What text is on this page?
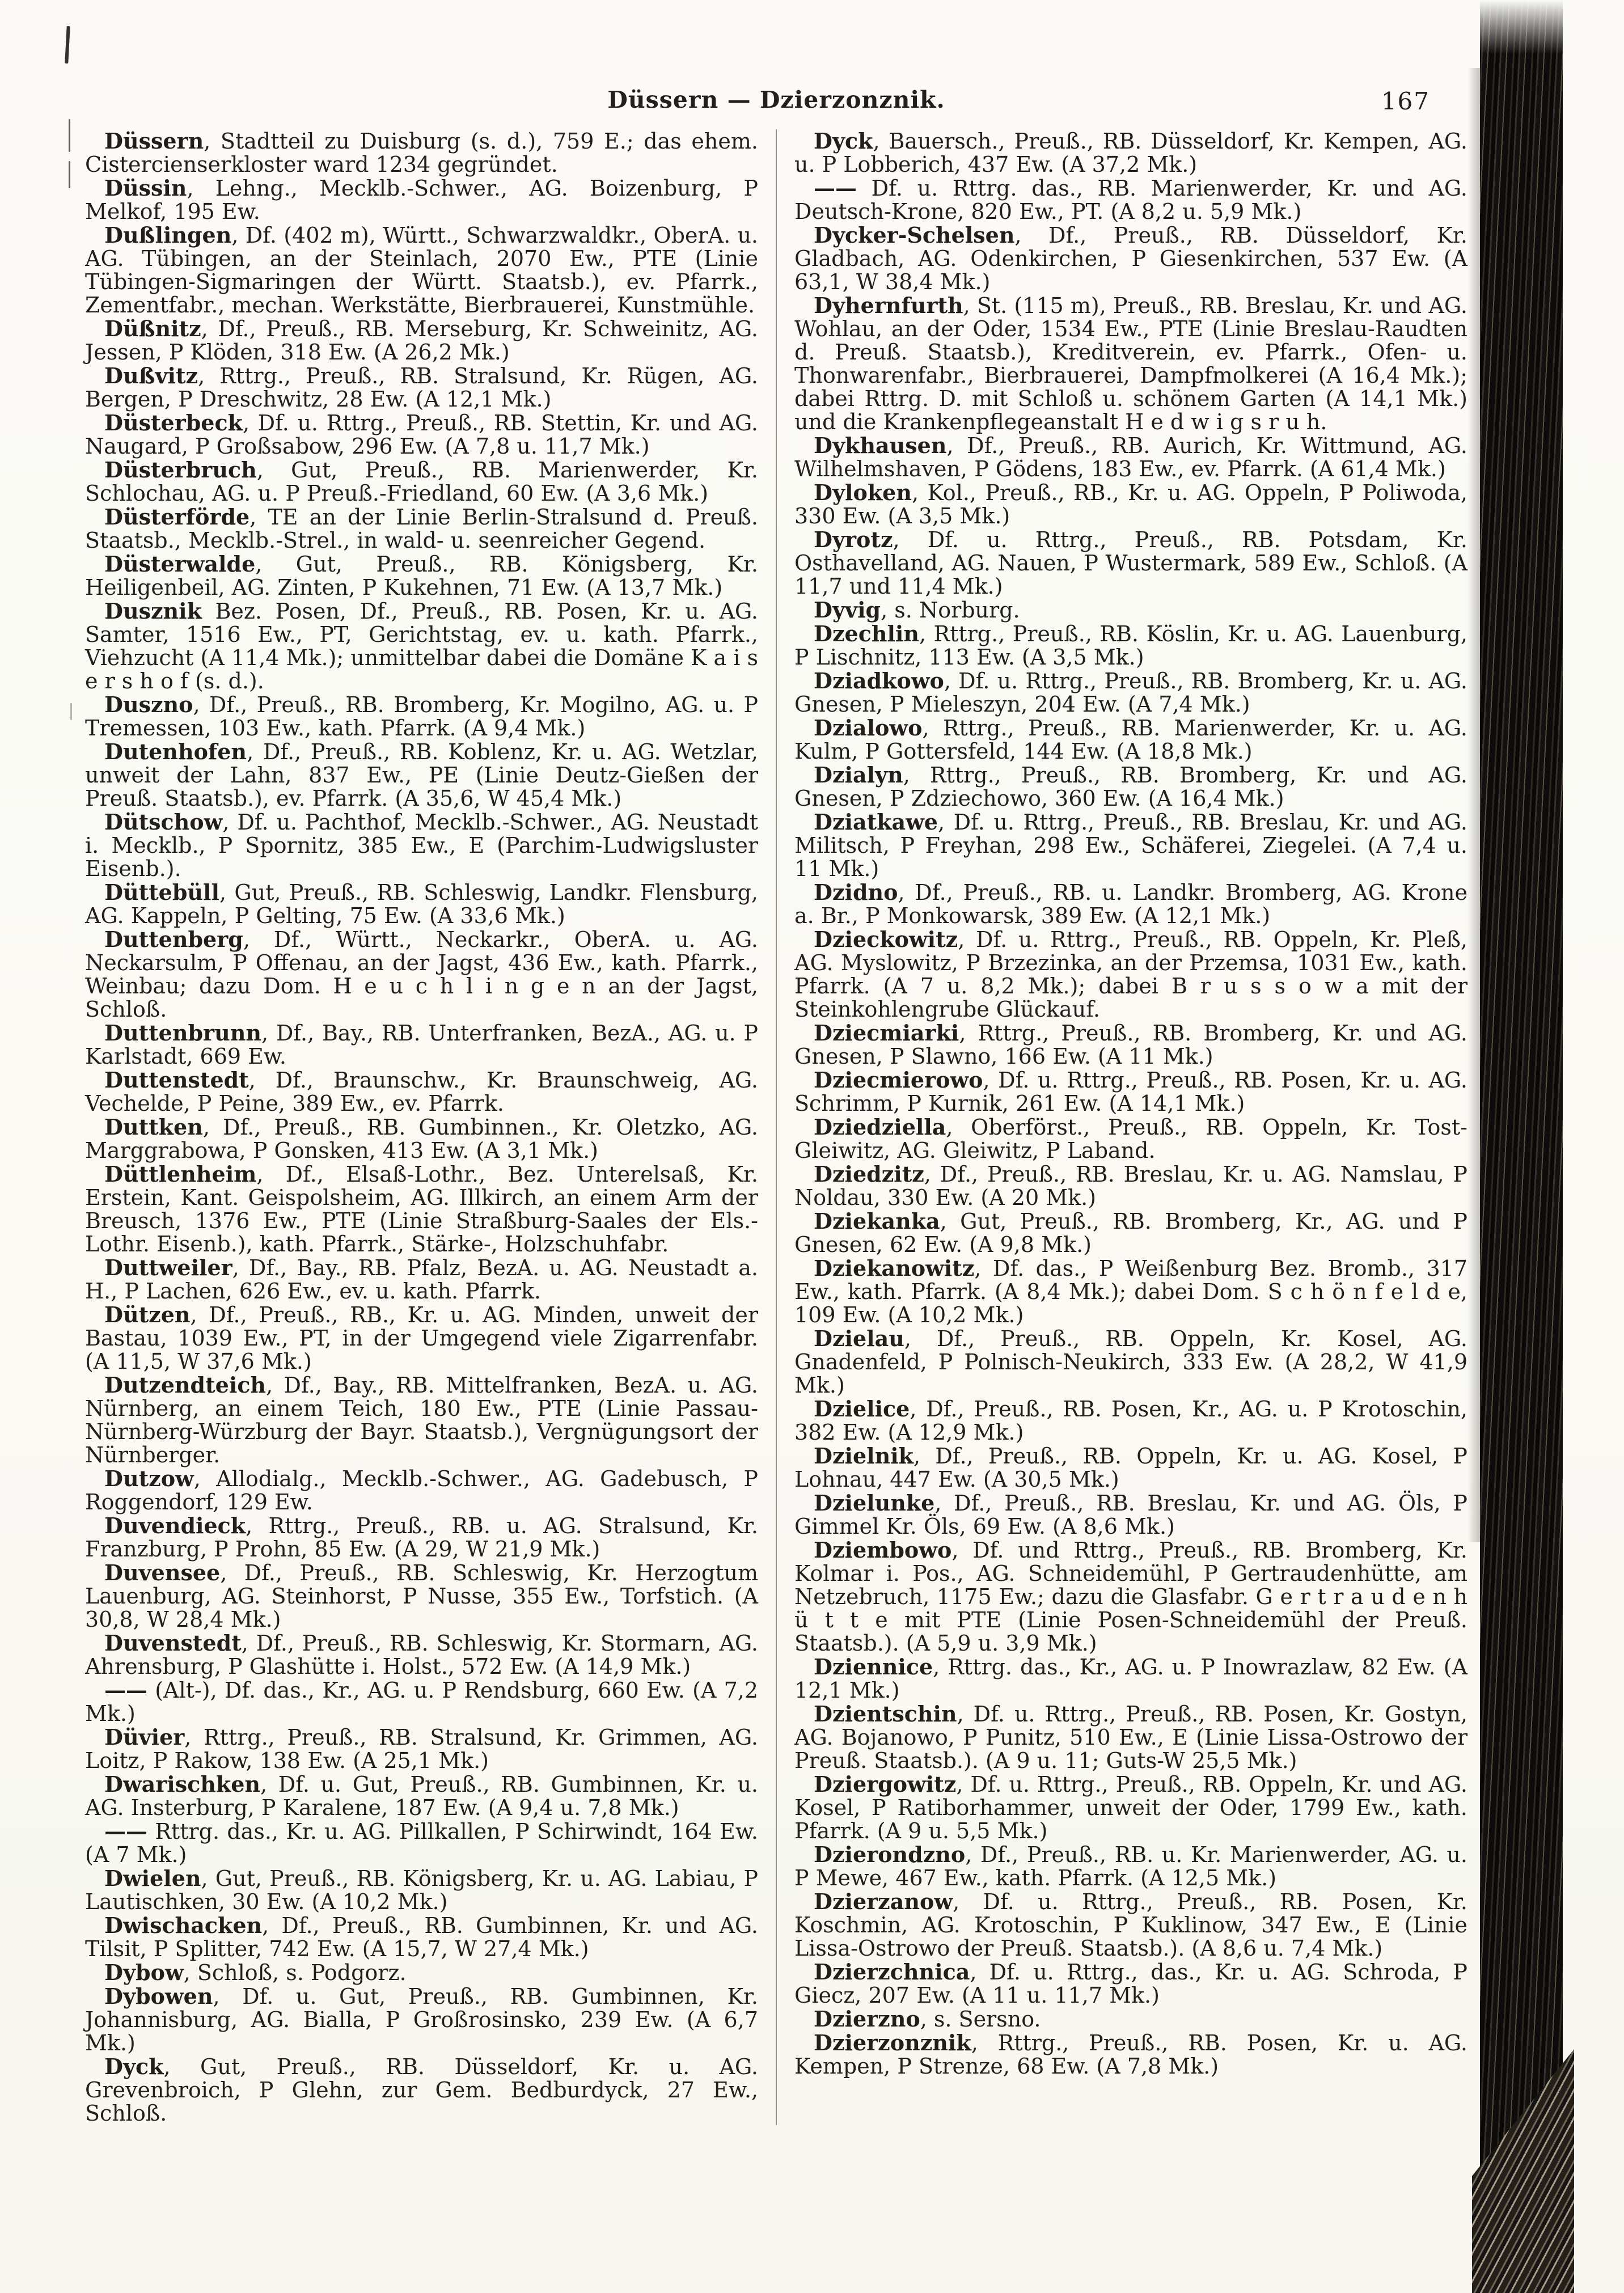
Düssern — Dzierzonznik.	167

Düssern, Stadtteil zu Duisburg (s. d.), 759 E.; das ehem. Cistercienserkloster ward 1234 gegründet.

Düssin, Lehng., Mecklb.-Schwer., AG. Boizenburg, P Melkof, 195 Ew.

Dußlingen, Df. (402 m), Württ., Schwarzwaldkr., OberA. u. AG. Tübingen, an der Steinlach, 2070 Ew., PTE (Linie Tübingen-Sigmaringen der Württ. Staatsb.), ev. Pfarrk., Zementfabr., mechan. Werkstätte, Bierbrauerei, Kunstmühle.

Düßnitz, Df., Preuß., RB. Merseburg, Kr. Schweinitz, AG. Jessen, P Klöden, 318 Ew. (A 26,2 Mk.)

Dußvitz, Rttrg., Preuß., RB. Stralsund, Kr. Rügen, AG. Bergen, P Dreschwitz, 28 Ew. (A 12,1 Mk.)

Düsterbeck, Df. u. Rttrg., Preuß., RB. Stettin, Kr. und AG. Naugard, P Großsabow, 296 Ew. (A 7,8 u. 11,7 Mk.)

Düsterbruch, Gut, Preuß., RB. Marienwerder, Kr. Schlochau, AG. u. P Preuß.-Friedland, 60 Ew. (A 3,6 Mk.)

Düsterförde, TE an der Linie Berlin-Stralsund d. Preuß. Staatsb., Mecklb.-Strel., in wald- u. seenreicher Gegend.

Düsterwalde, Gut, Preuß., RB. Königsberg, Kr. Heiligenbeil, AG. Zinten, P Kukehnen, 71 Ew. (A 13,7 Mk.)

Dusznik Bez. Posen, Df., Preuß., RB. Posen, Kr. u. AG. Samter, 1516 Ew., PT, Gerichtstag, ev. u. kath. Pfarrk., Viehzucht (A 11,4 Mk.); unmittelbar dabei die Domäne K a i s e r s h o f (s. d.).

Duszno, Df., Preuß., RB. Bromberg, Kr. Mogilno, AG. u. P Tremessen, 103 Ew., kath. Pfarrk. (A 9,4 Mk.)

Dutenhofen, Df., Preuß., RB. Koblenz, Kr. u. AG. Wetzlar, unweit der Lahn, 837 Ew., PE (Linie Deutz-Gießen der Preuß. Staatsb.), ev. Pfarrk. (A 35,6, W 45,4 Mk.)

Dütschow, Df. u. Pachthof, Mecklb.-Schwer., AG. Neustadt i. Mecklb., P Spornitz, 385 Ew., E (Parchim-Ludwigsluster Eisenb.).

Düttebüll, Gut, Preuß., RB. Schleswig, Landkr. Flensburg, AG. Kappeln, P Gelting, 75 Ew. (A 33,6 Mk.)

Duttenberg, Df., Württ., Neckarkr., OberA. u. AG. Neckarsulm, P Offenau, an der Jagst, 436 Ew., kath. Pfarrk., Weinbau; dazu Dom. H e u c h l i n g e n an der Jagst, Schloß.

Duttenbrunn, Df., Bay., RB. Unterfranken, BezA., AG. u. P Karlstadt, 669 Ew.

Duttenstedt, Df., Braunschw., Kr. Braunschweig, AG. Vechelde, P Peine, 389 Ew., ev. Pfarrk.

Duttken, Df., Preuß., RB. Gumbinnen., Kr. Oletzko, AG. Marggrabowa, P Gonsken, 413 Ew. (A 3,1 Mk.)

Düttlenheim, Df., Elsaß-Lothr., Bez. Unterelsaß, Kr. Erstein, Kant. Geispolsheim, AG. Illkirch, an einem Arm der Breusch, 1376 Ew., PTE (Linie Straßburg-Saales der Els.-Lothr. Eisenb.), kath. Pfarrk., Stärke-, Holzschuhfabr.

Duttweiler, Df., Bay., RB. Pfalz, BezA. u. AG. Neustadt a. H., P Lachen, 626 Ew., ev. u. kath. Pfarrk.

Dützen, Df., Preuß., RB., Kr. u. AG. Minden, unweit der Bastau, 1039 Ew., PT, in der Umgegend viele Zigarrenfabr. (A 11,5, W 37,6 Mk.)

Dutzendteich, Df., Bay., RB. Mittelfranken, BezA. u. AG. Nürnberg, an einem Teich, 180 Ew., PTE (Linie Passau-Nürnberg-Würzburg der Bayr. Staatsb.), Vergnügungsort der Nürnberger.

Dutzow, Allodialg., Mecklb.-Schwer., AG. Gadebusch, P Roggendorf, 129 Ew.

Duvendieck, Rttrg., Preuß., RB. u. AG. Stralsund, Kr. Franzburg, P Prohn, 85 Ew. (A 29, W 21,9 Mk.)

Duvensee, Df., Preuß., RB. Schleswig, Kr. Herzogtum Lauenburg, AG. Steinhorst, P Nusse, 355 Ew., Torfstich. (A 30,8, W 28,4 Mk.)

Duvenstedt, Df., Preuß., RB. Schleswig, Kr. Stormarn, AG. Ahrensburg, P Glashütte i. Holst., 572 Ew. (A 14,9 Mk.)

—— (Alt-), Df. das., Kr., AG. u. P Rendsburg, 660 Ew. (A 7,2 Mk.)

Düvier, Rttrg., Preuß., RB. Stralsund, Kr. Grimmen, AG. Loitz, P Rakow, 138 Ew. (A 25,1 Mk.)

Dwarischken, Df. u. Gut, Preuß., RB. Gumbinnen, Kr. u. AG. Insterburg, P Karalene, 187 Ew. (A 9,4 u. 7,8 Mk.)

—— Rttrg. das., Kr. u. AG. Pillkallen, P Schirwindt, 164 Ew. (A 7 Mk.)

Dwielen, Gut, Preuß., RB. Königsberg, Kr. u. AG. Labiau, P Lautischken, 30 Ew. (A 10,2 Mk.)

Dwischacken, Df., Preuß., RB. Gumbinnen, Kr. und AG. Tilsit, P Splitter, 742 Ew. (A 15,7, W 27,4 Mk.)

Dybow, Schloß, s. Podgorz.

Dybowen, Df. u. Gut, Preuß., RB. Gumbinnen, Kr. Johannisburg, AG. Bialla, P Großrosinsko, 239 Ew. (A 6,7 Mk.)

Dyck, Gut, Preuß., RB. Düsseldorf, Kr. u. AG. Grevenbroich, P Glehn, zur Gem. Bedburdyck, 27 Ew., Schloß.

Dyck, Bauersch., Preuß., RB. Düsseldorf, Kr. Kempen, AG. u. P Lobberich, 437 Ew. (A 37,2 Mk.)

—— Df. u. Rttrg. das., RB. Marienwerder, Kr. und AG. Deutsch-Krone, 820 Ew., PT. (A 8,2 u. 5,9 Mk.)

Dycker-Schelsen, Df., Preuß., RB. Düsseldorf, Kr. Gladbach, AG. Odenkirchen, P Giesenkirchen, 537 Ew. (A 63,1, W 38,4 Mk.)

Dyhernfurth, St. (115 m), Preuß., RB. Breslau, Kr. und AG. Wohlau, an der Oder, 1534 Ew., PTE (Linie Breslau-Raudten d. Preuß. Staatsb.), Kreditverein, ev. Pfarrk., Ofen- u. Thonwarenfabr., Bierbrauerei, Dampfmolkerei (A 16,4 Mk.); dabei Rttrg. D. mit Schloß u. schönem Garten (A 14,1 Mk.) und die Krankenpflegeanstalt H e d w i g s r u h.

Dykhausen, Df., Preuß., RB. Aurich, Kr. Wittmund, AG. Wilhelmshaven, P Gödens, 183 Ew., ev. Pfarrk. (A 61,4 Mk.)

Dyloken, Kol., Preuß., RB., Kr. u. AG. Oppeln, P Poliwoda, 330 Ew. (A 3,5 Mk.)

Dyrotz, Df. u. Rttrg., Preuß., RB. Potsdam, Kr. Osthavelland, AG. Nauen, P Wustermark, 589 Ew., Schloß. (A 11,7 und 11,4 Mk.)

Dyvig, s. Norburg.

Dzechlin, Rttrg., Preuß., RB. Köslin, Kr. u. AG. Lauenburg, P Lischnitz, 113 Ew. (A 3,5 Mk.)

Dziadkowo, Df. u. Rttrg., Preuß., RB. Bromberg, Kr. u. AG. Gnesen, P Mieleszyn, 204 Ew. (A 7,4 Mk.)

Dzialowo, Rttrg., Preuß., RB. Marienwerder, Kr. u. AG. Kulm, P Gottersfeld, 144 Ew. (A 18,8 Mk.)

Dzialyn, Rttrg., Preuß., RB. Bromberg, Kr. und AG. Gnesen, P Zdziechowo, 360 Ew. (A 16,4 Mk.)

Dziatkawe, Df. u. Rttrg., Preuß., RB. Breslau, Kr. und AG. Militsch, P Freyhan, 298 Ew., Schäferei, Ziegelei. (A 7,4 u. 11 Mk.)

Dzidno, Df., Preuß., RB. u. Landkr. Bromberg, AG. Krone a. Br., P Monkowarsk, 389 Ew. (A 12,1 Mk.)

Dzieckowitz, Df. u. Rttrg., Preuß., RB. Oppeln, Kr. Pleß, AG. Myslowitz, P Brzezinka, an der Przemsa, 1031 Ew., kath. Pfarrk. (A 7 u. 8,2 Mk.); dabei B r u s s o w a mit der Steinkohlengrube Glückauf.

Dziecmiarki, Rttrg., Preuß., RB. Bromberg, Kr. und AG. Gnesen, P Slawno, 166 Ew. (A 11 Mk.)

Dziecmierowo, Df. u. Rttrg., Preuß., RB. Posen, Kr. u. AG. Schrimm, P Kurnik, 261 Ew. (A 14,1 Mk.)

Dziedziella, Oberförst., Preuß., RB. Oppeln, Kr. Tost-Gleiwitz, AG. Gleiwitz, P Laband.

Dziedzitz, Df., Preuß., RB. Breslau, Kr. u. AG. Namslau, P Noldau, 330 Ew. (A 20 Mk.)

Dziekanka, Gut, Preuß., RB. Bromberg, Kr., AG. und P Gnesen, 62 Ew. (A 9,8 Mk.)

Dziekanowitz, Df. das., P Weißenburg Bez. Bromb., 317 Ew., kath. Pfarrk. (A 8,4 Mk.); dabei Dom. S c h ö n f e l d e, 109 Ew. (A 10,2 Mk.)

Dzielau, Df., Preuß., RB. Oppeln, Kr. Kosel, AG. Gnadenfeld, P Polnisch-Neukirch, 333 Ew. (A 28,2, W 41,9 Mk.)

Dzielice, Df., Preuß., RB. Posen, Kr., AG. u. P Krotoschin, 382 Ew. (A 12,9 Mk.)

Dzielnik, Df., Preuß., RB. Oppeln, Kr. u. AG. Kosel, P Lohnau, 447 Ew. (A 30,5 Mk.)

Dzielunke, Df., Preuß., RB. Breslau, Kr. und AG. Öls, P Gimmel Kr. Öls, 69 Ew. (A 8,6 Mk.)

Dziembowo, Df. und Rttrg., Preuß., RB. Bromberg, Kr. Kolmar i. Pos., AG. Schneidemühl, P Gertraudenhütte, am Netzebruch, 1175 Ew.; dazu die Glasfabr. G e r t r a u d e n h ü t t e mit PTE (Linie Posen-Schneidemühl der Preuß. Staatsb.). (A 5,9 u. 3,9 Mk.)

Dziennice, Rttrg. das., Kr., AG. u. P Inowrazlaw, 82 Ew. (A 12,1 Mk.)

Dzientschin, Df. u. Rttrg., Preuß., RB. Posen, Kr. Gostyn, AG. Bojanowo, P Punitz, 510 Ew., E (Linie Lissa-Ostrowo der Preuß. Staatsb.). (A 9 u. 11; Guts-W 25,5 Mk.)

Dziergowitz, Df. u. Rttrg., Preuß., RB. Oppeln, Kr. und AG. Kosel, P Ratiborhammer, unweit der Oder, 1799 Ew., kath. Pfarrk. (A 9 u. 5,5 Mk.)

Dzierondzno, Df., Preuß., RB. u. Kr. Marienwerder, AG. u. P Mewe, 467 Ew., kath. Pfarrk. (A 12,5 Mk.)

Dzierzanow, Df. u. Rttrg., Preuß., RB. Posen, Kr. Koschmin, AG. Krotoschin, P Kuklinow, 347 Ew., E (Linie Lissa-Ostrowo der Preuß. Staatsb.). (A 8,6 u. 7,4 Mk.)

Dzierzchnica, Df. u. Rttrg., das., Kr. u. AG. Schroda, P Giecz, 207 Ew. (A 11 u. 11,7 Mk.)

Dzierzno, s. Sersno.

Dzierzonznik, Rttrg., Preuß., RB. Posen, Kr. u. AG. Kempen, P Strenze, 68 Ew. (A 7,8 Mk.)
